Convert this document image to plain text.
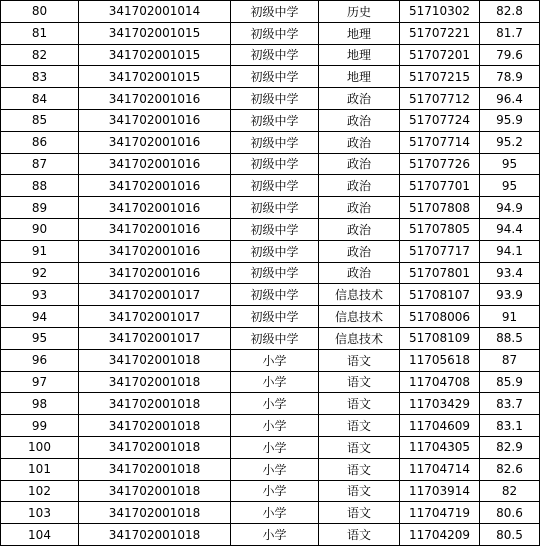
80	341702001014	初级中学	历史	51710302	82.8
81	341702001015	初级中学	地理	51707221	81.7
82	341702001015	初级中学	地理	51707201	79.6
83	341702001015	初级中学	地理	51707215	78.9
84	341702001016	初级中学	政治	51707712	96.4
85	341702001016	初级中学	政治	51707724	95.9
86	341702001016	初级中学	政治	51707714	95.2
87	341702001016	初级中学	政治	51707726	95
88	341702001016	初级中学	政治	51707701	95
89	341702001016	初级中学	政治	51707808	94.9
90	341702001016	初级中学	政治	51707805	94.4
91	341702001016	初级中学	政治	51707717	94.1
92	341702001016	初级中学	政治	51707801	93.4
93	341702001017	初级中学	信息技术	51708107	93.9
94	341702001017	初级中学	信息技术	51708006	91
95	341702001017	初级中学	信息技术	51708109	88.5
96	341702001018	小学	语文	11705618	87
97	341702001018	小学	语文	11704708	85.9
98	341702001018	小学	语文	11703429	83.7
99	341702001018	小学	语文	11704609	83.1
100	341702001018	小学	语文	11704305	82.9
101	341702001018	小学	语文	11704714	82.6
102	341702001018	小学	语文	11703914	82
103	341702001018	小学	语文	11704719	80.6
104	341702001018	小学	语文	11704209	80.5
